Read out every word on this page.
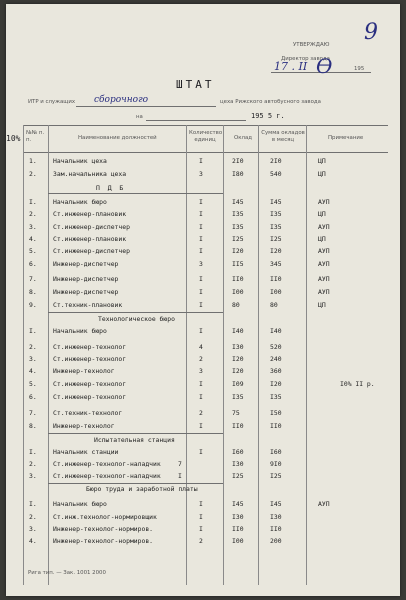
УТВЕРЖДАЮ
Директор завода
17 . II Ѳ	195
9
ШТАТ
ИТР и служащих сборочного	цеха Рижского автобусного завода
на	195 5 г.
10%
№№ п. п.	Наименование должностей
Количество единиц	Оклад
Сумма окладов в месяц	Примечание
1.	Начальник цеха	I	2I0	2I0	ЦП
2.	Зам.начальника цеха	3	I80	540	ЦП
П Д Б
I.	Начальник бюро	I	I45	I45	АУП
2.	Ст.инженер-плановик	I	I35	I35	ЦП
3.	Ст.инженер-диспетчер	I	I35	I35	АУП
4.	Ст.инженер-плановик	I	I25	I25	ЦП
5.	Ст.инженер-диспетчер	I	I20	I20	АУП
6.	Инженер-диспетчер	3	II5	345	АУП
7.	Инженер-диспетчер	I	II0	II0	АУП
8.	Инженер-диспетчер	I	I00	I00	АУП
9.	Ст.техник-плановик	I	80	80	ЦП
Технологическое бюро
I.	Начальник бюро	I	I40	I40
2.	Ст.инженер-технолог	4	I30	520
3.	Ст.инженер-технолог	2	I20	240
4.	Инженер-технолог	3	I20	360
5.	Ст.инженер-технолог	I	I09	I20	I0% II р.
6.	Ст.инженер-технолог	I	I35	I35
7.	Ст.техник-технолог	2	75	I50
8.	Инженер-технолог	I	II0	II0
Испытательная станция
I.	Начальник станции	I	I60	I60
2.	Ст.инженер-технолог-наладчик	7	I30	9I0
3.	Ст.инженер-технолог-наладчик	I	I25	I25
Бюро труда и заработной платы
I.	Начальник бюро	I	I45	I45	АУП
2.	Ст.инж.технолог-нормировщик	I	I30	I30
3.	Инженер-технолог-нормиров.	I	II0	II0
4.	Инженер-технолог-нормиров.	2	I00	200
Рига тип. — Зак. 1001 2000
